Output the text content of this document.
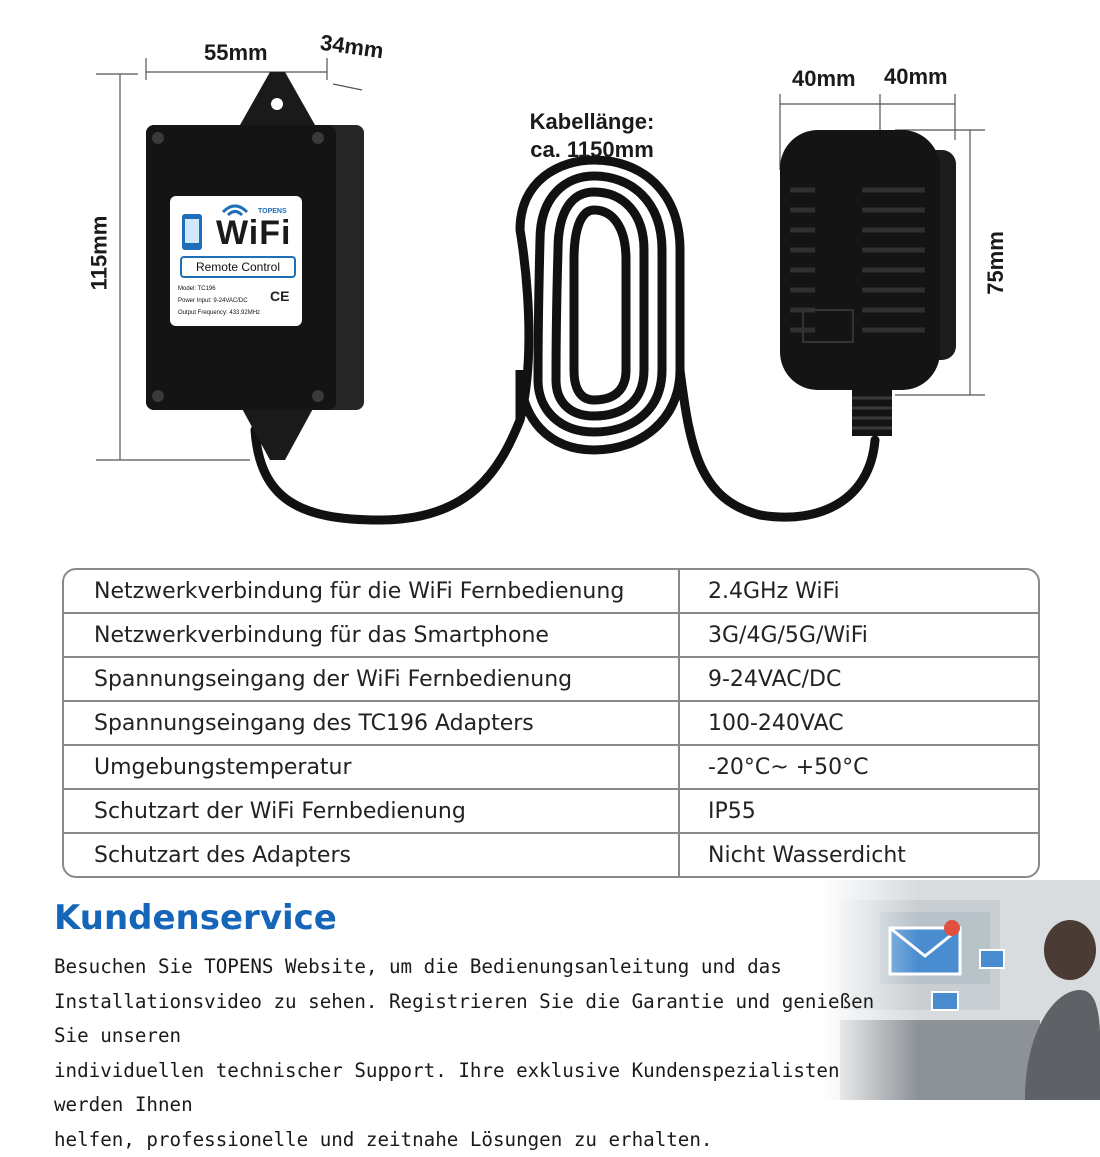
55mm 34mm
115mm
40mm 40mm
75mm
Kabellänge:
ca. 1150mm
TOPENS
WiFi
Remote Control
Model: TC196
Power Input: 9-24VAC/DC
Output Frequency: 433.92MHz
CE
Netzwerkverbindung für die WiFi Fernbedienung	2.4GHz WiFi
Netzwerkverbindung für das Smartphone	3G/4G/5G/WiFi
Spannungseingang der WiFi Fernbedienung	9-24VAC/DC
Spannungseingang des TC196 Adapters	100-240VAC
Umgebungstemperatur	-20°C~ +50°C
Schutzart der WiFi Fernbedienung	IP55
Schutzart des Adapters	Nicht Wasserdicht
Kundenservice
Besuchen Sie TOPENS Website, um die Bedienungsanleitung und das
Installationsvideo zu sehen. Registrieren Sie die Garantie und genießen Sie unseren
individuellen technischer Support. Ihre exklusive Kundenspezialisten werden Ihnen
helfen, professionelle und zeitnahe Lösungen zu erhalten.
